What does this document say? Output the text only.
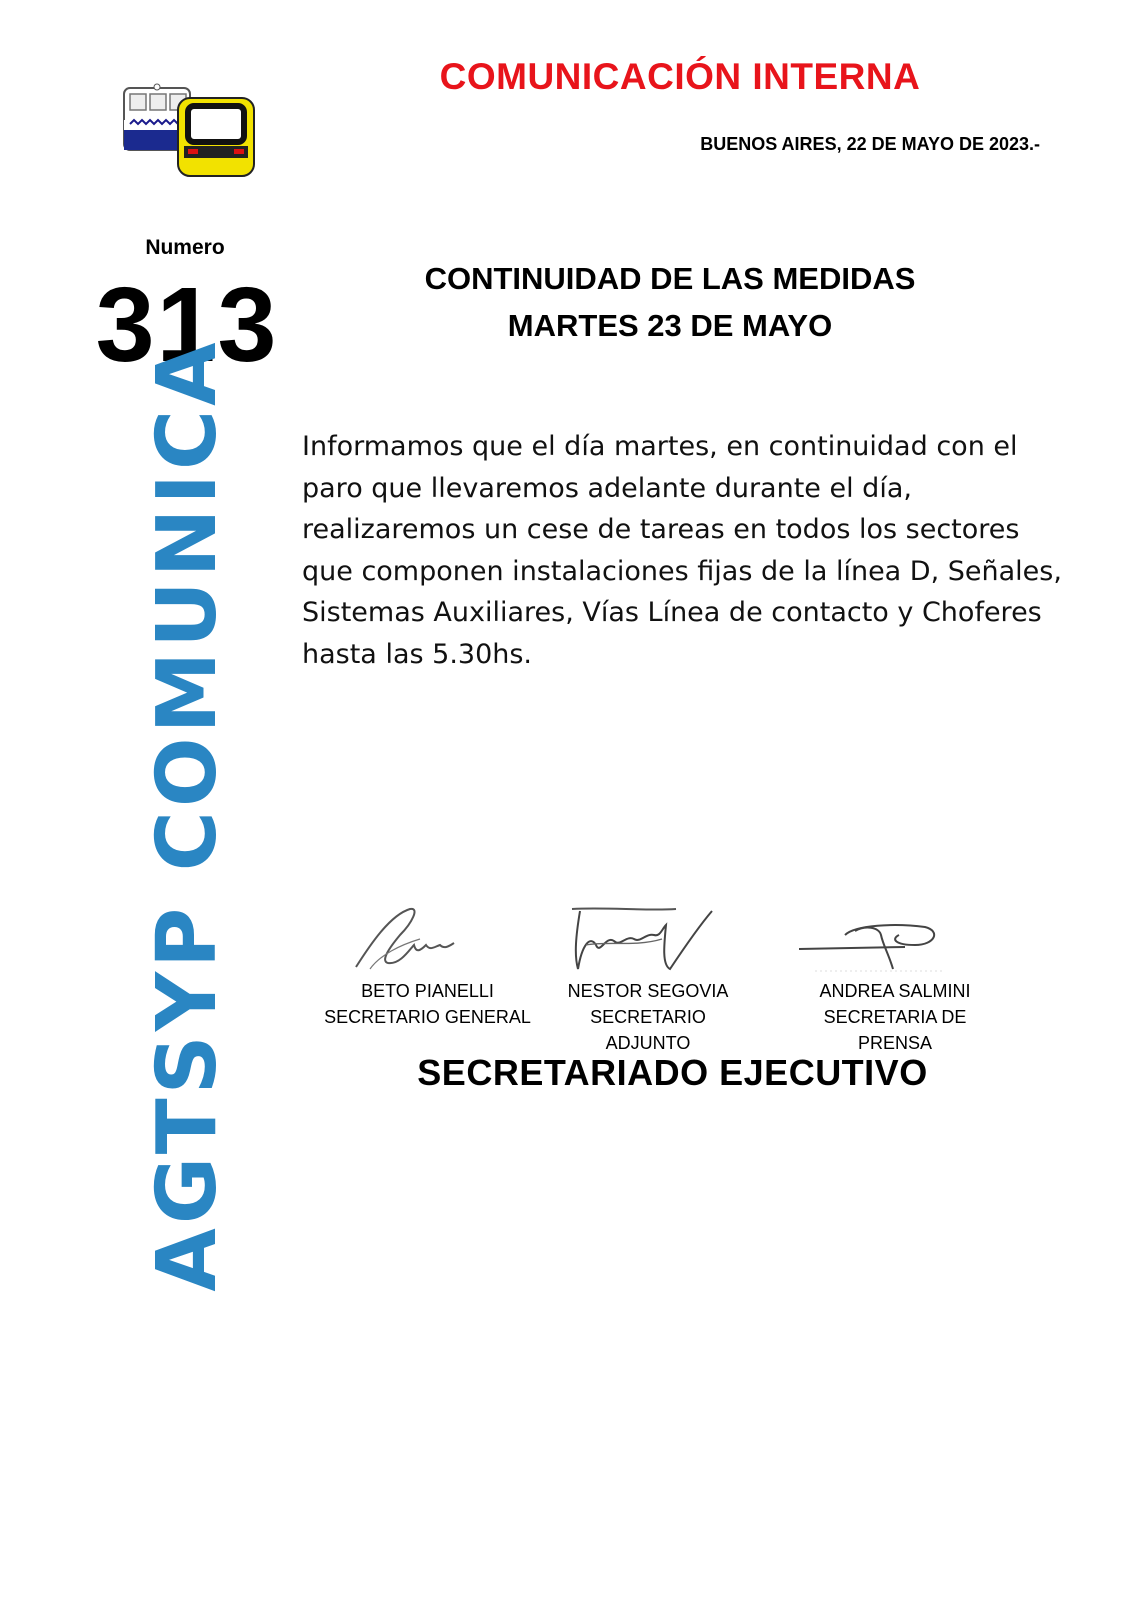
COMUNICACIÓN INTERNA
BUENOS AIRES, 22 DE MAYO DE 2023.-
Numero
313	CONTINUIDAD DE LAS MEDIDAS
MARTES 23 DE MAYO
AGTSYP COMUNICA Informamos que el día martes, en continuidad con el paro que llevaremos adelante durante el día, realizaremos un cese de tareas en todos los sectores que componen instalaciones fijas de la línea D, Señales, Sistemas Auxiliares, Vías Línea de contacto y Choferes hasta las 5.30hs.
BETO PIANELLI
SECRETARIO GENERAL
NESTOR SEGOVIA
SECRETARIO ADJUNTO
ANDREA SALMINI
SECRETARIA DE PRENSA
SECRETARIADO EJECUTIVO
